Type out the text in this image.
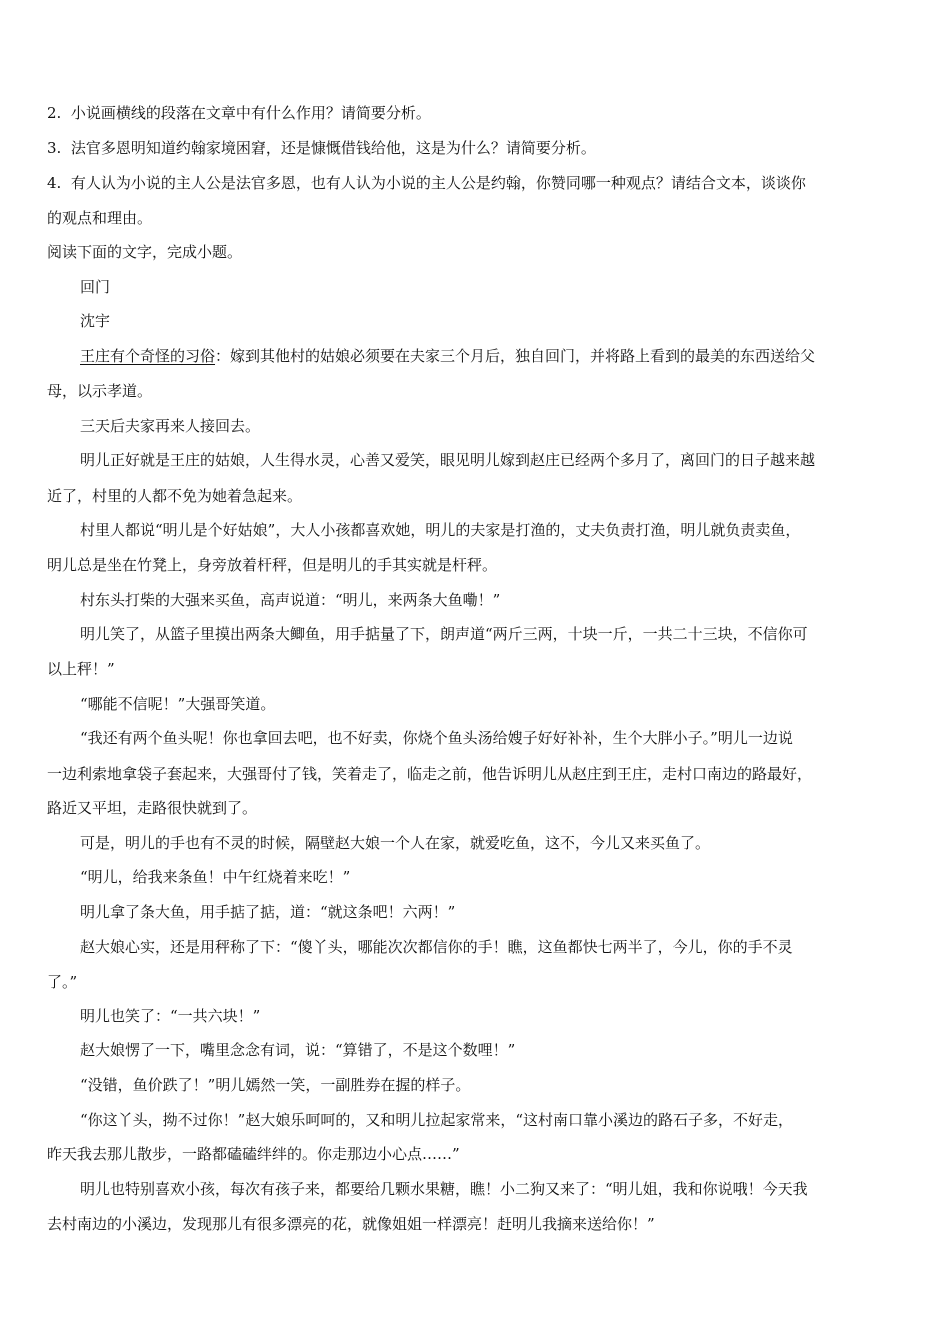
2. 小说画横线的段落在文章中有什么作用？请简要分析。
3. 法官多恩明知道约翰家境困窘，还是慷慨借钱给他，这是为什么？请简要分析。
4. 有人认为小说的主人公是法官多恩，也有人认为小说的主人公是约翰，你赞同哪一种观点？请结合文本，谈谈你
的观点和理由。
阅读下面的文字，完成小题。
回门
沈宇
王庄有个奇怪的习俗：嫁到其他村的姑娘必须要在夫家三个月后，独自回门，并将路上看到的最美的东西送给父
母，以示孝道。
三天后夫家再来人接回去。
明儿正好就是王庄的姑娘，人生得水灵，心善又爱笑，眼见明儿嫁到赵庄已经两个多月了，离回门的日子越来越
近了，村里的人都不免为她着急起来。
村里人都说“明儿是个好姑娘”，大人小孩都喜欢她，明儿的夫家是打渔的，丈夫负责打渔，明儿就负责卖鱼，
明儿总是坐在竹凳上，身旁放着杆秤，但是明儿的手其实就是杆秤。
村东头打柴的大强来买鱼，高声说道：“明儿，来两条大鱼嘞！”
明儿笑了，从篮子里摸出两条大鲫鱼，用手掂量了下，朗声道“两斤三两，十块一斤，一共二十三块，不信你可
以上秤！”
“哪能不信呢！”大强哥笑道。
“我还有两个鱼头呢！你也拿回去吧，也不好卖，你烧个鱼头汤给嫂子好好补补，生个大胖小子。”明儿一边说
一边利索地拿袋子套起来，大强哥付了钱，笑着走了，临走之前，他告诉明儿从赵庄到王庄，走村口南边的路最好，
路近又平坦，走路很快就到了。
可是，明儿的手也有不灵的时候，隔壁赵大娘一个人在家，就爱吃鱼，这不，今儿又来买鱼了。
“明儿，给我来条鱼！中午红烧着来吃！”
明儿拿了条大鱼，用手掂了掂，道：“就这条吧！六两！”
赵大娘心实，还是用秤称了下：“傻丫头，哪能次次都信你的手！瞧，这鱼都快七两半了，今儿，你的手不灵
了。”
明儿也笑了：“一共六块！”
赵大娘愣了一下，嘴里念念有词，说：“算错了，不是这个数哩！”
“没错，鱼价跌了！”明儿嫣然一笑，一副胜券在握的样子。
“你这丫头，拗不过你！”赵大娘乐呵呵的，又和明儿拉起家常来，“这村南口靠小溪边的路石子多，不好走，
昨天我去那儿散步，一路都磕磕绊绊的。你走那边小心点……”
明儿也特别喜欢小孩，每次有孩子来，都要给几颗水果糖，瞧！小二狗又来了：“明儿姐，我和你说哦！今天我
去村南边的小溪边，发现那儿有很多漂亮的花，就像姐姐一样漂亮！赶明儿我摘来送给你！”
